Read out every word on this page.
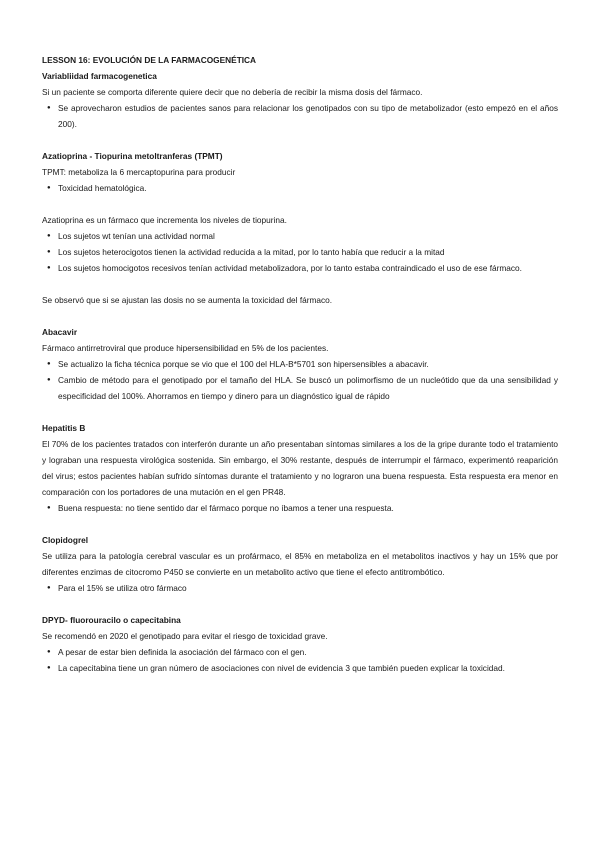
LESSON 16: EVOLUCIÓN DE LA FARMACOGENÉTICA

Variabliidad farmacogenetica

Si un paciente se comporta diferente quiere decir que no debería de recibir la misma dosis del fármaco.

● Se aprovecharon estudios de pacientes sanos para relacionar los genotipados con su tipo de metabolizador (esto empezó en el años 200).

Azatioprina - Tiopurina metoltranferas (TPMT)

TPMT: metaboliza la 6 mercaptopurina para producir

● Toxicidad hematológica.

Azatioprina es un fármaco que incrementa los niveles de tiopurina.

● Los sujetos wt tenían una actividad normal
● Los sujetos heterocigotos tienen la actividad reducida a la mitad, por lo tanto había que reducir a la mitad
● Los sujetos homocigotos recesivos tenían actividad metabolizadora, por lo tanto estaba contraindicado el uso de ese fármaco.

Se observó que si se ajustan las dosis no se aumenta la toxicidad del fármaco.

Abacavir

Fármaco antirretroviral que produce hipersensibilidad en 5% de los pacientes.

● Se actualizo la ficha técnica porque se vio que el 100 del HLA-B*5701 son hipersensibles a abacavir.
● Cambio de método para el genotipado por el tamaño del HLA. Se buscó un polimorfismo de un nucleótido que da una sensibilidad y especificidad del 100%. Ahorramos en tiempo y dinero para un diagnóstico igual de rápido

Hepatitis B

El 70% de los pacientes tratados con interferón durante un año presentaban síntomas similares a los de la gripe durante todo el tratamiento y lograban una respuesta virológica sostenida. Sin embargo, el 30% restante, después de interrumpir el fármaco, experimentó reaparición del virus; estos pacientes habían sufrido síntomas durante el tratamiento y no lograron una buena respuesta. Esta respuesta era menor en comparación con los portadores de una mutación en el gen PR48.

● Buena respuesta: no tiene sentido dar el fármaco porque no íbamos a tener una respuesta.

Clopidogrel

Se utiliza para la patología cerebral vascular es un profármaco, el 85% en metaboliza en el metabolitos inactivos y hay un 15% que por diferentes enzimas de citocromo P450 se convierte en un metabolito activo que tiene el efecto antitrombótico.

● Para el 15% se utiliza otro fármaco

DPYD- fluorouracilo o capecitabina

Se recomendó en 2020 el genotipado para evitar el riesgo de toxicidad grave.

● A pesar de estar bien definida la asociación del fármaco con el gen.
● La capecitabina tiene un gran número de asociaciones con nivel de evidencia 3 que también pueden explicar la toxicidad.
